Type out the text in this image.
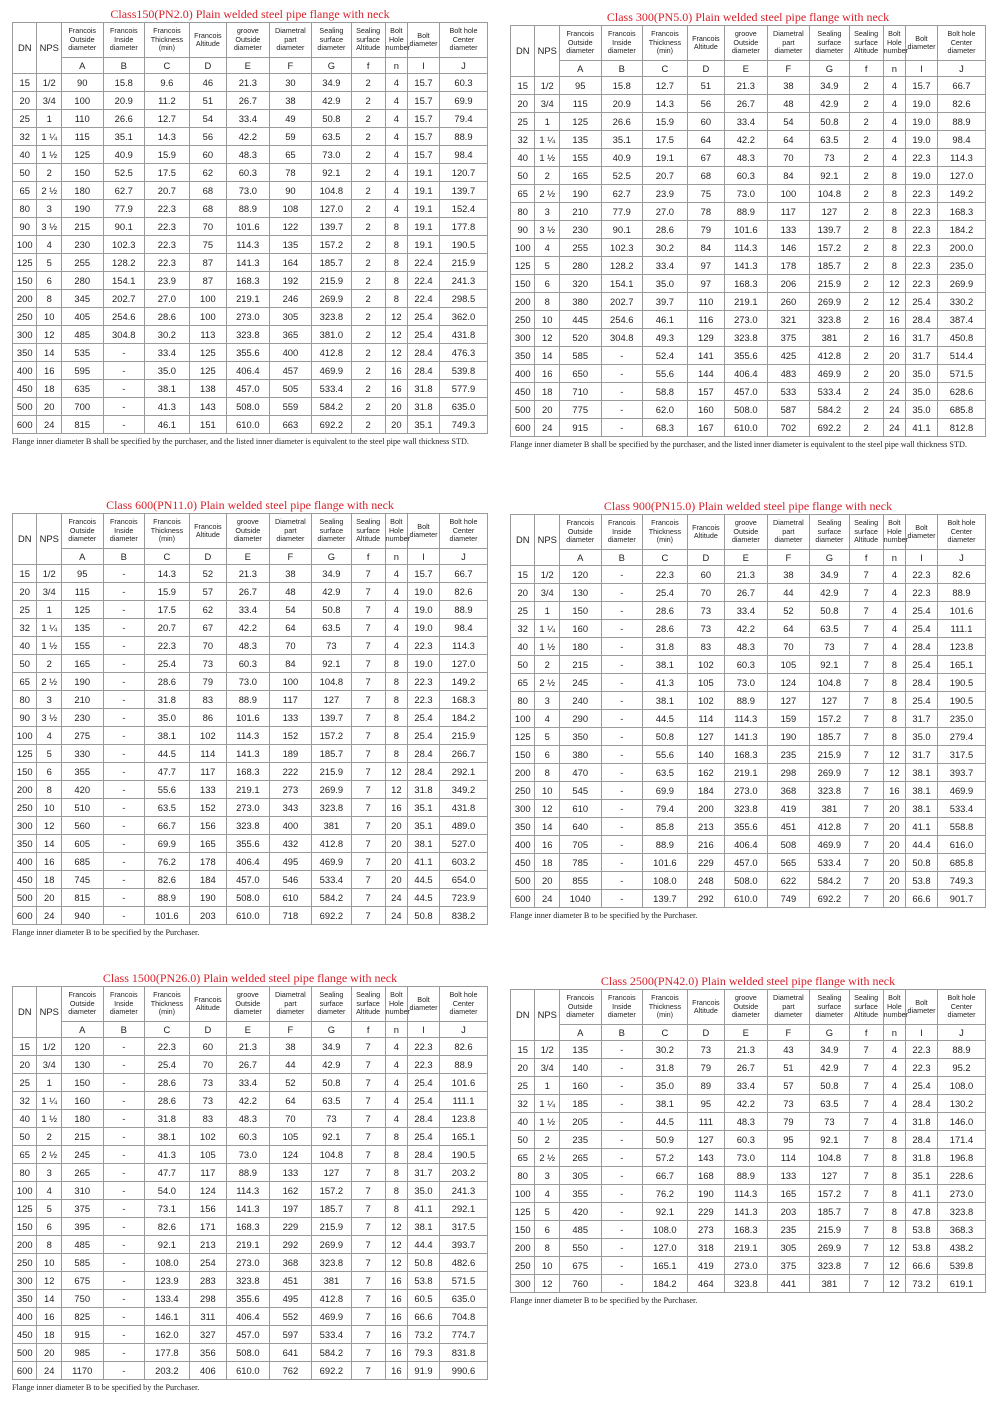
Class150(PN2.0) Plain welded steel pipe flange with neck
DN	NPS	Francois Outside diameter	Francois Inside diameter	Francois Thickness (min)	Francois Altitude	groove Outside diameter	Diametral part diameter	Sealing surface diameter	Sealing surface Altitude	Bolt Hole number	Bolt diameter	Bolt hole Center diameter
		A	B	C	D	E	F	G	f	n	I	J
15	1/2	90	15.8	9.6	46	21.3	30	34.9	2	4	15.7	60.3
20	3/4	100	20.9	11.2	51	26.7	38	42.9	2	4	15.7	69.9
25	1	110	26.6	12.7	54	33.4	49	50.8	2	4	15.7	79.4
32	1 ¼	115	35.1	14.3	56	42.2	59	63.5	2	4	15.7	88.9
40	1 ½	125	40.9	15.9	60	48.3	65	73.0	2	4	15.7	98.4
50	2	150	52.5	17.5	62	60.3	78	92.1	2	4	19.1	120.7
65	2 ½	180	62.7	20.7	68	73.0	90	104.8	2	4	19.1	139.7
80	3	190	77.9	22.3	68	88.9	108	127.0	2	4	19.1	152.4
90	3 ½	215	90.1	22.3	70	101.6	122	139.7	2	8	19.1	177.8
100	4	230	102.3	22.3	75	114.3	135	157.2	2	8	19.1	190.5
125	5	255	128.2	22.3	87	141.3	164	185.7	2	8	22.4	215.9
150	6	280	154.1	23.9	87	168.3	192	215.9	2	8	22.4	241.3
200	8	345	202.7	27.0	100	219.1	246	269.9	2	8	22.4	298.5
250	10	405	254.6	28.6	100	273.0	305	323.8	2	12	25.4	362.0
300	12	485	304.8	30.2	113	323.8	365	381.0	2	12	25.4	431.8
350	14	535	-	33.4	125	355.6	400	412.8	2	12	28.4	476.3
400	16	595	-	35.0	125	406.4	457	469.9	2	16	28.4	539.8
450	18	635	-	38.1	138	457.0	505	533.4	2	16	31.8	577.9
500	20	700	-	41.3	143	508.0	559	584.2	2	20	31.8	635.0
600	24	815	-	46.1	151	610.0	663	692.2	2	20	35.1	749.3
Flange inner diameter B shall be specified by the purchaser, and the listed inner diameter is equivalent to the steel pipe wall thickness STD.
Class 300(PN5.0) Plain welded steel pipe flange with neck
DN	NPS	Francois Outside diameter	Francois Inside diameter	Francois Thickness (min)	Francois Altitude	groove Outside diameter	Diametral part diameter	Sealing surface diameter	Sealing surface Altitude	Bolt Hole number	Bolt diameter	Bolt hole Center diameter
		A	B	C	D	E	F	G	f	n	I	J
15	1/2	95	15.8	12.7	51	21.3	38	34.9	2	4	15.7	66.7
20	3/4	115	20.9	14.3	56	26.7	48	42.9	2	4	19.0	82.6
25	1	125	26.6	15.9	60	33.4	54	50.8	2	4	19.0	88.9
32	1 ¼	135	35.1	17.5	64	42.2	64	63.5	2	4	19.0	98.4
40	1 ½	155	40.9	19.1	67	48.3	70	73	2	4	22.3	114.3
50	2	165	52.5	20.7	68	60.3	84	92.1	2	8	19.0	127.0
65	2 ½	190	62.7	23.9	75	73.0	100	104.8	2	8	22.3	149.2
80	3	210	77.9	27.0	78	88.9	117	127	2	8	22.3	168.3
90	3 ½	230	90.1	28.6	79	101.6	133	139.7	2	8	22.3	184.2
100	4	255	102.3	30.2	84	114.3	146	157.2	2	8	22.3	200.0
125	5	280	128.2	33.4	97	141.3	178	185.7	2	8	22.3	235.0
150	6	320	154.1	35.0	97	168.3	206	215.9	2	12	22.3	269.9
200	8	380	202.7	39.7	110	219.1	260	269.9	2	12	25.4	330.2
250	10	445	254.6	46.1	116	273.0	321	323.8	2	16	28.4	387.4
300	12	520	304.8	49.3	129	323.8	375	381	2	16	31.7	450.8
350	14	585	-	52.4	141	355.6	425	412.8	2	20	31.7	514.4
400	16	650	-	55.6	144	406.4	483	469.9	2	20	35.0	571.5
450	18	710	-	58.8	157	457.0	533	533.4	2	24	35.0	628.6
500	20	775	-	62.0	160	508.0	587	584.2	2	24	35.0	685.8
600	24	915	-	68.3	167	610.0	702	692.2	2	24	41.1	812.8
Flange inner diameter B shall be specified by the purchaser, and the listed inner diameter is equivalent to the steel pipe wall thickness STD.
Class 600(PN11.0) Plain welded steel pipe flange with neck
DN	NPS	Francois Outside diameter	Francois Inside diameter	Francois Thickness (min)	Francois Altitude	groove Outside diameter	Diametral part diameter	Sealing surface diameter	Sealing surface Altitude	Bolt Hole number	Bolt diameter	Bolt hole Center diameter
		A	B	C	D	E	F	G	f	n	I	J
15	1/2	95	-	14.3	52	21.3	38	34.9	7	4	15.7	66.7
20	3/4	115	-	15.9	57	26.7	48	42.9	7	4	19.0	82.6
25	1	125	-	17.5	62	33.4	54	50.8	7	4	19.0	88.9
32	1 ¼	135	-	20.7	67	42.2	64	63.5	7	4	19.0	98.4
40	1 ½	155	-	22.3	70	48.3	70	73	7	4	22.3	114.3
50	2	165	-	25.4	73	60.3	84	92.1	7	8	19.0	127.0
65	2 ½	190	-	28.6	79	73.0	100	104.8	7	8	22.3	149.2
80	3	210	-	31.8	83	88.9	117	127	7	8	22.3	168.3
90	3 ½	230	-	35.0	86	101.6	133	139.7	7	8	25.4	184.2
100	4	275	-	38.1	102	114.3	152	157.2	7	8	25.4	215.9
125	5	330	-	44.5	114	141.3	189	185.7	7	8	28.4	266.7
150	6	355	-	47.7	117	168.3	222	215.9	7	12	28.4	292.1
200	8	420	-	55.6	133	219.1	273	269.9	7	12	31.8	349.2
250	10	510	-	63.5	152	273.0	343	323.8	7	16	35.1	431.8
300	12	560	-	66.7	156	323.8	400	381	7	20	35.1	489.0
350	14	605	-	69.9	165	355.6	432	412.8	7	20	38.1	527.0
400	16	685	-	76.2	178	406.4	495	469.9	7	20	41.1	603.2
450	18	745	-	82.6	184	457.0	546	533.4	7	20	44.5	654.0
500	20	815	-	88.9	190	508.0	610	584.2	7	24	44.5	723.9
600	24	940	-	101.6	203	610.0	718	692.2	7	24	50.8	838.2
Flange inner diameter B to be specified by the Purchaser.
Class 900(PN15.0) Plain welded steel pipe flange with neck
DN	NPS	Francois Outside diameter	Francois Inside diameter	Francois Thickness (min)	Francois Altitude	groove Outside diameter	Diametral part diameter	Sealing surface diameter	Sealing surface Altitude	Bolt Hole number	Bolt diameter	Bolt hole Center diameter
		A	B	C	D	E	F	G	f	n	I	J
15	1/2	120	-	22.3	60	21.3	38	34.9	7	4	22.3	82.6
20	3/4	130	-	25.4	70	26.7	44	42.9	7	4	22.3	88.9
25	1	150	-	28.6	73	33.4	52	50.8	7	4	25.4	101.6
32	1 ¼	160	-	28.6	73	42.2	64	63.5	7	4	25.4	111.1
40	1 ½	180	-	31.8	83	48.3	70	73	7	4	28.4	123.8
50	2	215	-	38.1	102	60.3	105	92.1	7	8	25.4	165.1
65	2 ½	245	-	41.3	105	73.0	124	104.8	7	8	28.4	190.5
80	3	240	-	38.1	102	88.9	127	127	7	8	25.4	190.5
100	4	290	-	44.5	114	114.3	159	157.2	7	8	31.7	235.0
125	5	350	-	50.8	127	141.3	190	185.7	7	8	35.0	279.4
150	6	380	-	55.6	140	168.3	235	215.9	7	12	31.7	317.5
200	8	470	-	63.5	162	219.1	298	269.9	7	12	38.1	393.7
250	10	545	-	69.9	184	273.0	368	323.8	7	16	38.1	469.9
300	12	610	-	79.4	200	323.8	419	381	7	20	38.1	533.4
350	14	640	-	85.8	213	355.6	451	412.8	7	20	41.1	558.8
400	16	705	-	88.9	216	406.4	508	469.9	7	20	44.4	616.0
450	18	785	-	101.6	229	457.0	565	533.4	7	20	50.8	685.8
500	20	855	-	108.0	248	508.0	622	584.2	7	20	53.8	749.3
600	24	1040	-	139.7	292	610.0	749	692.2	7	20	66.6	901.7
Flange inner diameter B to be specified by the Purchaser.
Class 1500(PN26.0) Plain welded steel pipe flange with neck
DN	NPS	Francois Outside diameter	Francois Inside diameter	Francois Thickness (min)	Francois Altitude	groove Outside diameter	Diametral part diameter	Sealing surface diameter	Sealing surface Altitude	Bolt Hole number	Bolt diameter	Bolt hole Center diameter
		A	B	C	D	E	F	G	f	n	I	J
15	1/2	120	-	22.3	60	21.3	38	34.9	7	4	22.3	82.6
20	3/4	130	-	25.4	70	26.7	44	42.9	7	4	22.3	88.9
25	1	150	-	28.6	73	33.4	52	50.8	7	4	25.4	101.6
32	1 ¼	160	-	28.6	73	42.2	64	63.5	7	4	25.4	111.1
40	1 ½	180	-	31.8	83	48.3	70	73	7	4	28.4	123.8
50	2	215	-	38.1	102	60.3	105	92.1	7	8	25.4	165.1
65	2 ½	245	-	41.3	105	73.0	124	104.8	7	8	28.4	190.5
80	3	265	-	47.7	117	88.9	133	127	7	8	31.7	203.2
100	4	310	-	54.0	124	114.3	162	157.2	7	8	35.0	241.3
125	5	375	-	73.1	156	141.3	197	185.7	7	8	41.1	292.1
150	6	395	-	82.6	171	168.3	229	215.9	7	12	38.1	317.5
200	8	485	-	92.1	213	219.1	292	269.9	7	12	44.4	393.7
250	10	585	-	108.0	254	273.0	368	323.8	7	12	50.8	482.6
300	12	675	-	123.9	283	323.8	451	381	7	16	53.8	571.5
350	14	750	-	133.4	298	355.6	495	412.8	7	16	60.5	635.0
400	16	825	-	146.1	311	406.4	552	469.9	7	16	66.6	704.8
450	18	915	-	162.0	327	457.0	597	533.4	7	16	73.2	774.7
500	20	985	-	177.8	356	508.0	641	584.2	7	16	79.3	831.8
600	24	1170	-	203.2	406	610.0	762	692.2	7	16	91.9	990.6
Flange inner diameter B to be specified by the Purchaser.
Class 2500(PN42.0) Plain welded steel pipe flange with neck
DN	NPS	Francois Outside diameter	Francois Inside diameter	Francois Thickness (min)	Francois Altitude	groove Outside diameter	Diametral part diameter	Sealing surface diameter	Sealing surface Altitude	Bolt Hole number	Bolt diameter	Bolt hole Center diameter
		A	B	C	D	E	F	G	f	n	I	J
15	1/2	135	-	30.2	73	21.3	43	34.9	7	4	22.3	88.9
20	3/4	140	-	31.8	79	26.7	51	42.9	7	4	22.3	95.2
25	1	160	-	35.0	89	33.4	57	50.8	7	4	25.4	108.0
32	1 ¼	185	-	38.1	95	42.2	73	63.5	7	4	28.4	130.2
40	1 ½	205	-	44.5	111	48.3	79	73	7	4	31.8	146.0
50	2	235	-	50.9	127	60.3	95	92.1	7	8	28.4	171.4
65	2 ½	265	-	57.2	143	73.0	114	104.8	7	8	31.8	196.8
80	3	305	-	66.7	168	88.9	133	127	7	8	35.1	228.6
100	4	355	-	76.2	190	114.3	165	157.2	7	8	41.1	273.0
125	5	420	-	92.1	229	141.3	203	185.7	7	8	47.8	323.8
150	6	485	-	108.0	273	168.3	235	215.9	7	8	53.8	368.3
200	8	550	-	127.0	318	219.1	305	269.9	7	12	53.8	438.2
250	10	675	-	165.1	419	273.0	375	323.8	7	12	66.6	539.8
300	12	760	-	184.2	464	323.8	441	381	7	12	73.2	619.1
Flange inner diameter B to be specified by the Purchaser.
